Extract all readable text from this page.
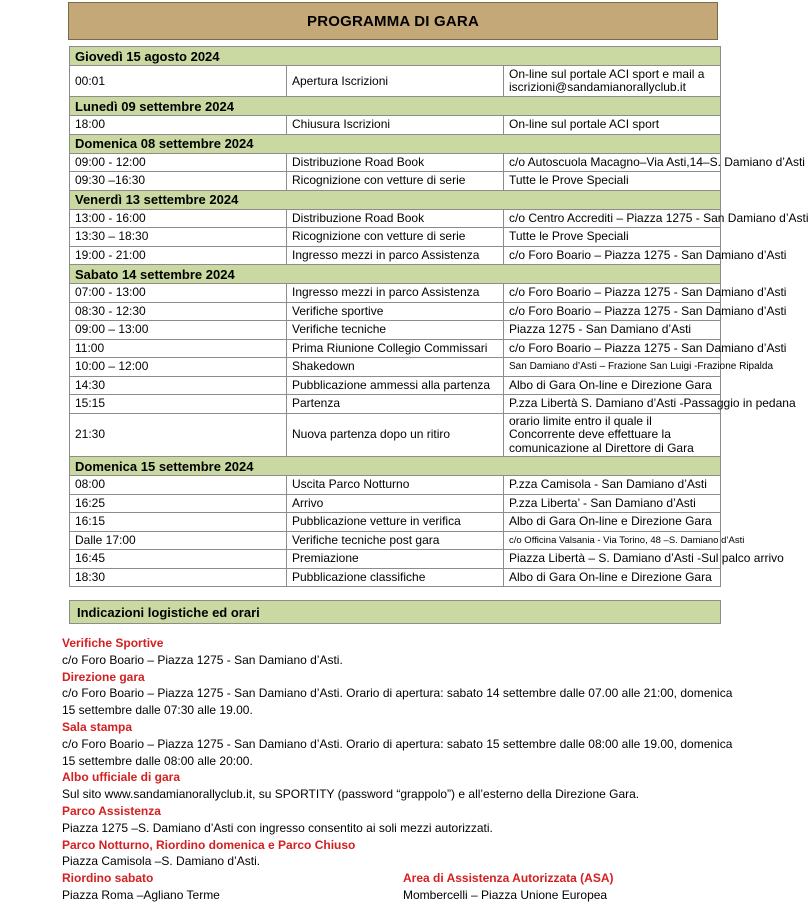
PROGRAMMA DI GARA
Giovedì 15 agosto 2024		
00:01	Apertura Iscrizioni	On-line sul portale ACI sport e mail a iscrizioni@sandamianorallyclub.it
Lunedì 09 settembre 2024		
18:00	Chiusura Iscrizioni	On-line sul portale ACI sport
Domenica 08 settembre 2024		
09:00 - 12:00	Distribuzione Road Book	c/o Autoscuola Macagno–Via Asti,14–S. Damiano d’Asti
09:30 –16:30	Ricognizione con vetture di serie	Tutte le Prove Speciali
Venerdì 13 settembre 2024		
13:00 - 16:00	Distribuzione Road Book	c/o Centro Accrediti – Piazza 1275 - San Damiano d’Asti
13:30 – 18:30	Ricognizione con vetture di serie	Tutte le Prove Speciali
19:00 - 21:00	Ingresso mezzi in parco Assistenza	c/o Foro Boario – Piazza 1275 - San Damiano d’Asti
Sabato 14 settembre 2024		
07:00 - 13:00	Ingresso mezzi in parco Assistenza	c/o Foro Boario – Piazza 1275 - San Damiano d’Asti
08:30 - 12:30	Verifiche sportive	c/o Foro Boario – Piazza 1275 - San Damiano d’Asti
09:00 – 13:00	Verifiche tecniche	Piazza 1275 - San Damiano d’Asti
11:00	Prima Riunione Collegio Commissari	c/o Foro Boario – Piazza 1275 - San Damiano d’Asti
10:00 – 12:00	Shakedown	San Damiano d’Asti – Frazione San Luigi -Frazione Ripalda
14:30	Pubblicazione ammessi alla partenza	Albo di Gara On-line e Direzione Gara
15:15	Partenza	P.zza Libertà S. Damiano d’Asti -Passaggio in pedana
21:30	Nuova partenza dopo un ritiro	orario limite entro il quale il Concorrente deve effettuare la comunicazione al Direttore di Gara
Domenica 15 settembre 2024		
08:00	Uscita Parco Notturno	P.zza Camisola - San Damiano d’Asti
16:25	Arrivo	P.zza Liberta’ - San Damiano d’Asti
16:15	Pubblicazione vetture in verifica	Albo di Gara On-line e Direzione Gara
Dalle 17:00	Verifiche tecniche post gara	c/o Officina Valsania - Via Torino, 48 –S. Damiano d’Asti
16:45	Premiazione	Piazza Libertà – S. Damiano d’Asti -Sul palco arrivo
18:30	Pubblicazione classifiche	Albo di Gara On-line e Direzione Gara
Indicazioni logistiche ed orari
Verifiche Sportive
c/o Foro Boario – Piazza 1275 - San Damiano d’Asti.
Direzione gara
c/o Foro Boario – Piazza 1275 - San Damiano d’Asti. Orario di apertura: sabato 14 settembre dalle 07.00 alle 21:00, domenica 15 settembre dalle 07:30 alle 19.00.
Sala stampa
c/o Foro Boario – Piazza 1275 - San Damiano d’Asti. Orario di apertura: sabato 15 settembre dalle 08:00 alle 19.00, domenica 15 settembre dalle 08:00 alle 20:00.
Albo ufficiale di gara
Sul sito www.sandamianorallyclub.it, su SPORTITY (password “grappolo”) e all’esterno della Direzione Gara.
Parco Assistenza
Piazza 1275 –S. Damiano d’Asti con ingresso consentito ai soli mezzi autorizzati.
Parco Notturno, Riordino domenica e Parco Chiuso
Piazza Camisola –S. Damiano d’Asti.
Riordino sabato
Piazza Roma –Agliano Terme
Area di Assistenza Autorizzata (ASA)
Mombercelli – Piazza Unione Europea
